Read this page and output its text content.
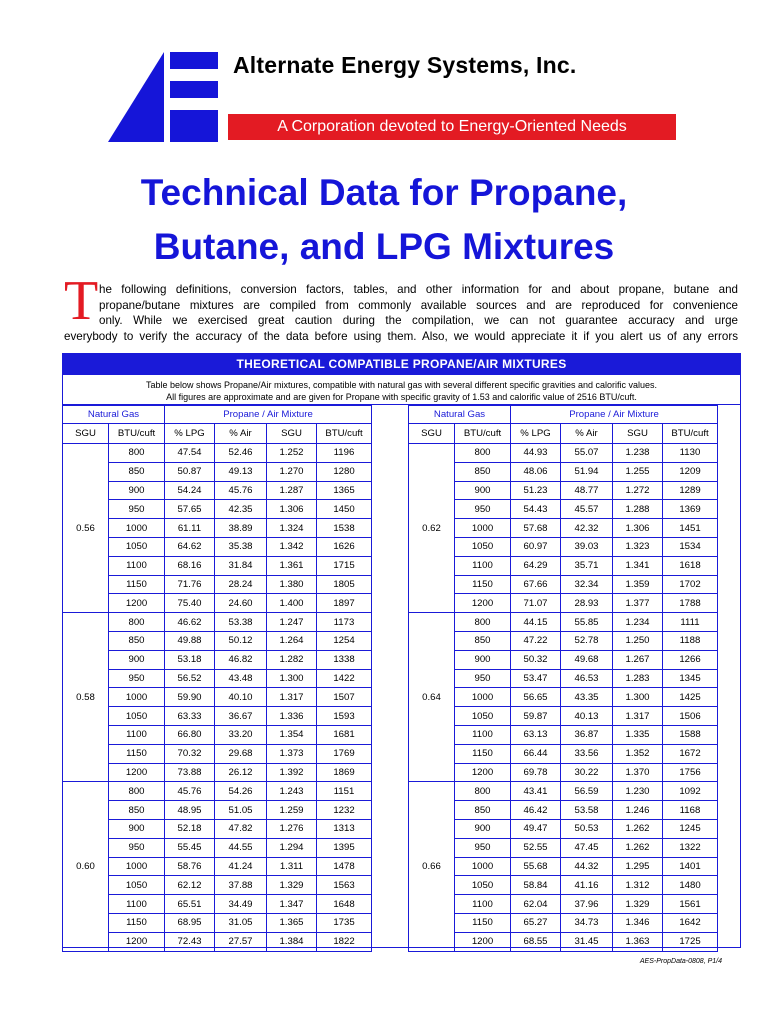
Alternate Energy Systems, Inc.
A Corporation devoted to Energy-Oriented Needs
Technical Data for Propane,
Butane, and LPG Mixtures
T he following definitions, conversion factors, tables, and other information for and about propane, butane and
propane/butane mixtures are compiled from commonly available sources and are reproduced for convenience
only. While we exercised great caution during the compilation, we can not guarantee accuracy and urge
everybody to verify the accuracy of the data before using them. Also, we would appreciate it if you alert us of any errors
THEORETICAL COMPATIBLE PROPANE/AIR MIXTURES
Table below shows Propane/Air mixtures, compatible with natural gas with several different specific gravities and calorific values.
All figures are approximate and are given for Propane with specific gravity of 1.53 and calorific value of 2516 BTU/cuft.
Natural Gas		Propane / Air Mixture			
SGU	BTU/cuft	% LPG	% Air	SGU	BTU/cuft
0.56	800	47.54	52.46	1.252	1196
	850	50.87	49.13	1.270	1280
	900	54.24	45.76	1.287	1365
	950	57.65	42.35	1.306	1450
	1000	61.11	38.89	1.324	1538
	1050	64.62	35.38	1.342	1626
	1100	68.16	31.84	1.361	1715
	1150	71.76	28.24	1.380	1805
	1200	75.40	24.60	1.400	1897
0.58	800	46.62	53.38	1.247	1173
	850	49.88	50.12	1.264	1254
	900	53.18	46.82	1.282	1338
	950	56.52	43.48	1.300	1422
	1000	59.90	40.10	1.317	1507
	1050	63.33	36.67	1.336	1593
	1100	66.80	33.20	1.354	1681
	1150	70.32	29.68	1.373	1769
	1200	73.88	26.12	1.392	1869
0.60	800	45.76	54.26	1.243	1151
	850	48.95	51.05	1.259	1232
	900	52.18	47.82	1.276	1313
	950	55.45	44.55	1.294	1395
	1000	58.76	41.24	1.311	1478
	1050	62.12	37.88	1.329	1563
	1100	65.51	34.49	1.347	1648
	1150	68.95	31.05	1.365	1735
	1200	72.43	27.57	1.384	1822
Natural Gas		Propane / Air Mixture			
SGU	BTU/cuft	% LPG	% Air	SGU	BTU/cuft
0.62	800	44.93	55.07	1.238	1130
	850	48.06	51.94	1.255	1209
	900	51.23	48.77	1.272	1289
	950	54.43	45.57	1.288	1369
	1000	57.68	42.32	1.306	1451
	1050	60.97	39.03	1.323	1534
	1100	64.29	35.71	1.341	1618
	1150	67.66	32.34	1.359	1702
	1200	71.07	28.93	1.377	1788
0.64	800	44.15	55.85	1.234	1111
	850	47.22	52.78	1.250	1188
	900	50.32	49.68	1.267	1266
	950	53.47	46.53	1.283	1345
	1000	56.65	43.35	1.300	1425
	1050	59.87	40.13	1.317	1506
	1100	63.13	36.87	1.335	1588
	1150	66.44	33.56	1.352	1672
	1200	69.78	30.22	1.370	1756
0.66	800	43.41	56.59	1.230	1092
	850	46.42	53.58	1.246	1168
	900	49.47	50.53	1.262	1245
	950	52.55	47.45	1.262	1322
	1000	55.68	44.32	1.295	1401
	1050	58.84	41.16	1.312	1480
	1100	62.04	37.96	1.329	1561
	1150	65.27	34.73	1.346	1642
	1200	68.55	31.45	1.363	1725
AES-PropData-0808, P1/4
